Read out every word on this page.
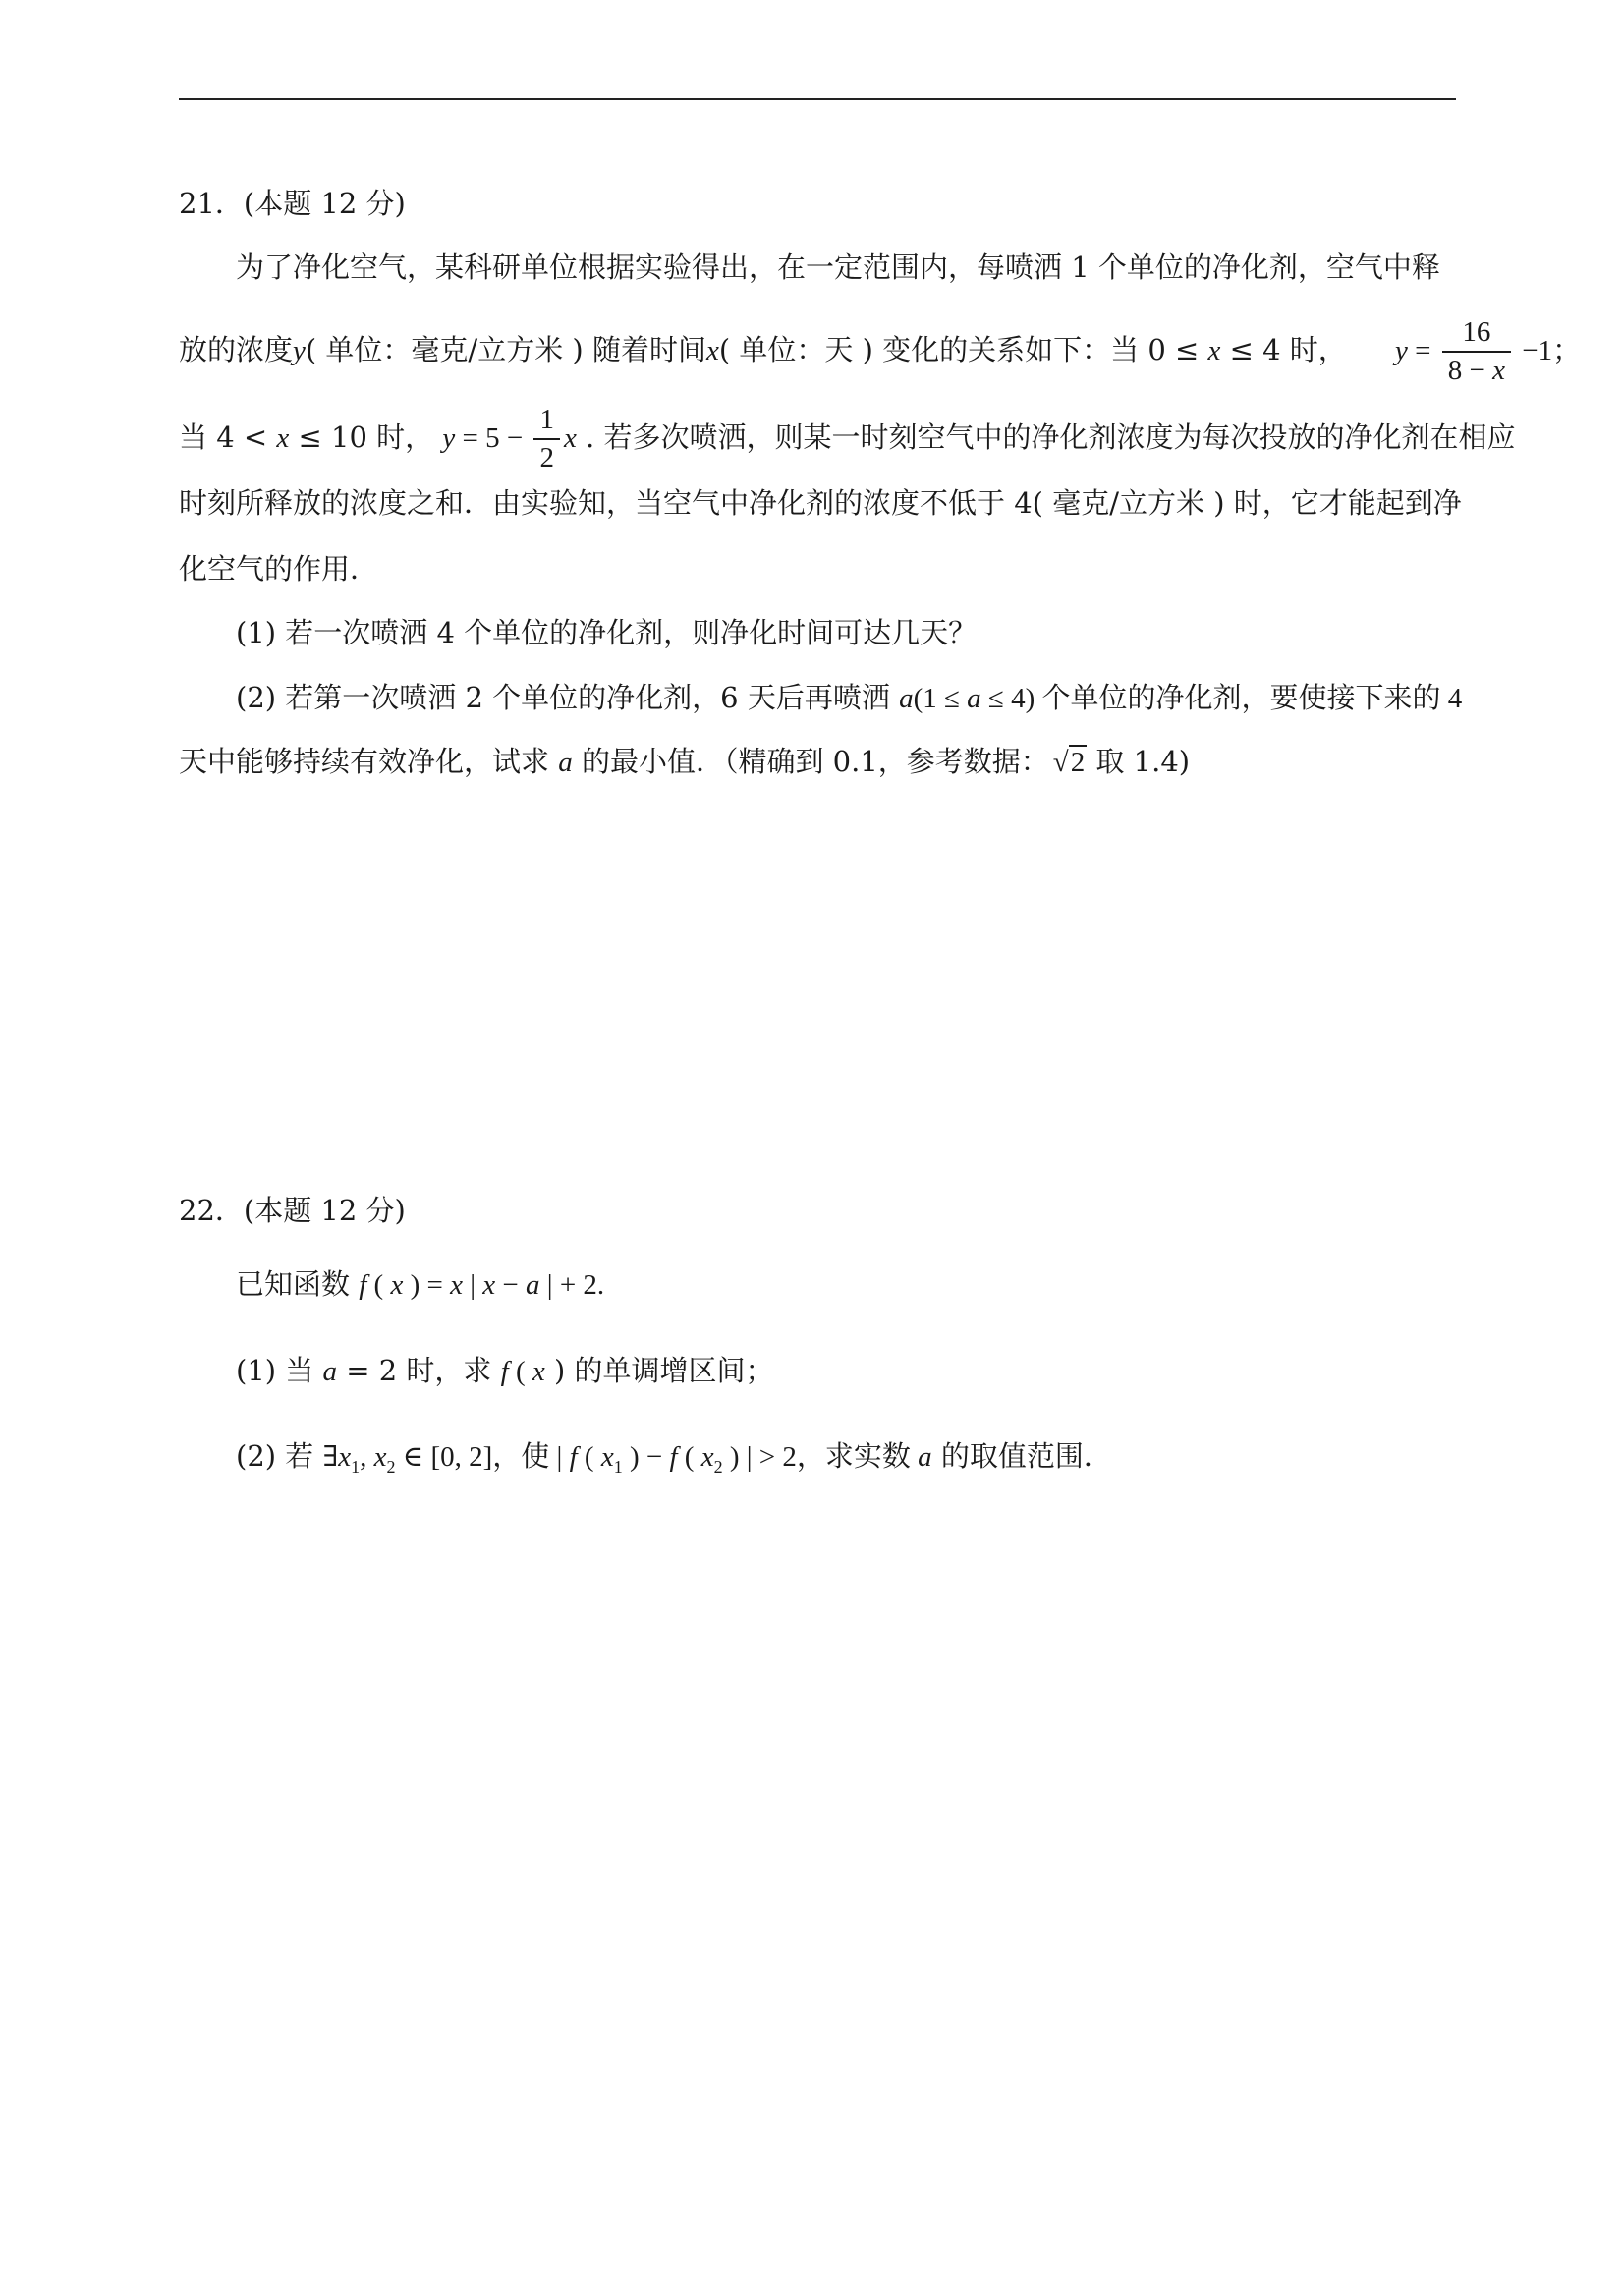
21．(本题 12 分)
为了净化空气，某科研单位根据实验得出，在一定范围内，每喷洒 1 个单位的净化剂，空气中释
放的浓度y( 单位：毫克/立方米 ) 随着时间x( 单位：天 ) 变化的关系如下：当 0 ≤ x ≤ 4 时， $y = \frac{16}{8 - x} -1$；
当 4 < x ≤ 10 时， $y = 5 - \frac{1}{2}$ x . 若多次喷洒，则某一时刻空气中的净化剂浓度为每次投放的净化剂在相应
时刻所释放的浓度之和．由实验知，当空气中净化剂的浓度不低于 4( 毫克/立方米 ) 时，它才能起到净
化空气的作用．
(1) 若一次喷洒 4 个单位的净化剂，则净化时间可达几天？
(2) 若第一次喷洒 2 个单位的净化剂，6 天后再喷洒 a(1 ≤ a ≤ 4) 个单位的净化剂，要使接下来的 4
天中能够持续有效净化，试求 a 的最小值．（精确到 0.1，参考数据： √2 取 1.4)
22．(本题 12 分)
已知函数 f ( x ) = x | x − a | + 2.
(1) 当 a = 2 时，求 f ( x ) 的单调增区间；
(2) 若 $\exists x_1$, $x_2$ ∈ [0, 2]，使 | f ( $x_1$ ) − f ( $x_2$ ) | > 2，求实数 a 的取值范围．
